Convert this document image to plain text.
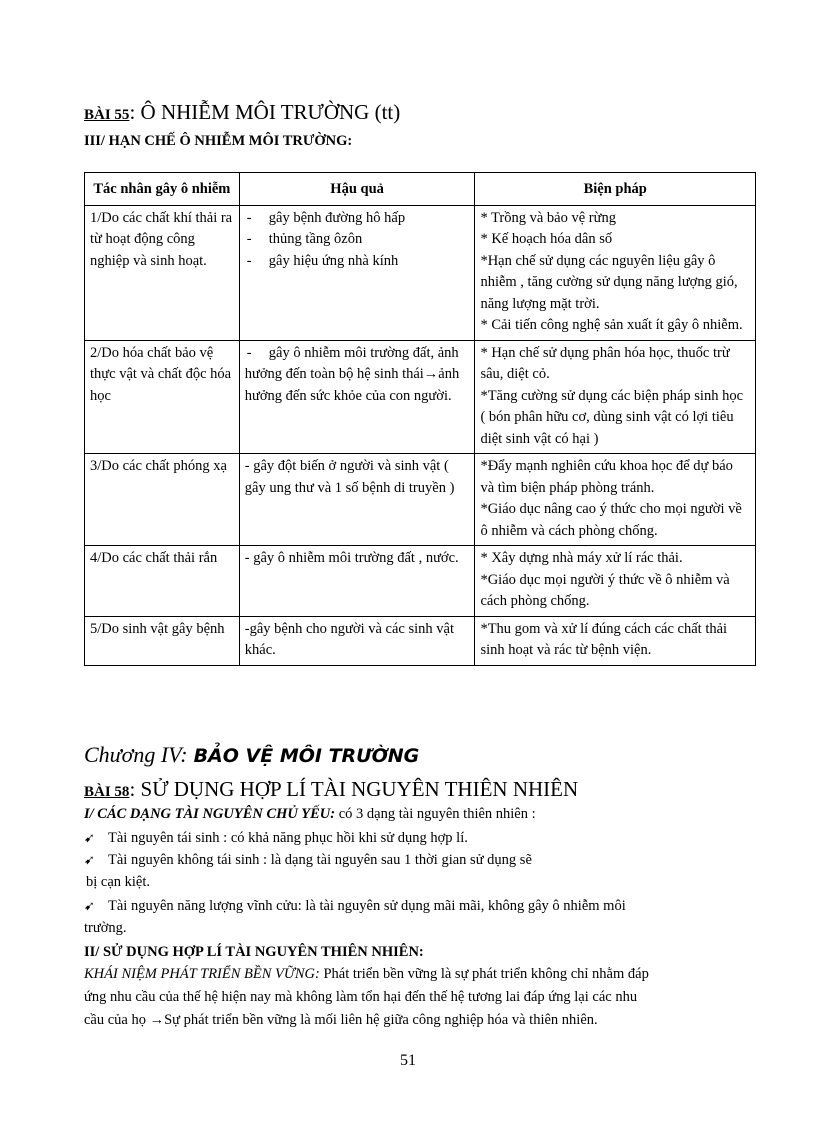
BÀI 55: Ô NHIỄM MÔI TRƯỜNG (tt)
III/ HẠN CHẾ Ô NHIỄM MÔI TRƯỜNG:
Tác nhân gây ô nhiễm	Hậu quả	Biện pháp
1/Do các chất khí thải ra từ hoạt động công nghiệp và sinh hoạt.	- gây bệnh đường hô hấp
- thủng tầng ôzôn
- gây hiệu ứng nhà kính	* Trồng và bảo vệ rừng
* Kế hoạch hóa dân số
*Hạn chế sử dụng các nguyên liệu gây ô nhiễm , tăng cường sử dụng năng lượng gió, năng lượng mặt trời.
* Cải tiến công nghệ sản xuất ít gây ô nhiễm.

2/Do hóa chất bảo vệ thực vật và chất độc hóa học	- gây ô nhiễm môi trường đất, ảnh hưởng đến toàn bộ hệ sinh thái→ảnh hưởng đến sức khỏe của con người.	* Hạn chế sử dụng phân hóa học, thuốc trừ sâu, diệt cỏ.
*Tăng cường sử dụng các biện pháp sinh học ( bón phân hữu cơ, dùng sinh vật có lợi tiêu diệt sinh vật có hại )

3/Do các chất phóng xạ	- gây đột biến ở người và sinh vật ( gây ung thư và 1 số bệnh di truyền )	*Đẩy mạnh nghiên cứu khoa học để dự báo và tìm biện pháp phòng tránh.
*Giáo dục nâng cao ý thức cho mọi người về ô nhiễm và cách phòng chống.

4/Do các chất thải rắn	- gây ô nhiễm môi trường đất , nước.	* Xây dựng nhà máy xử lí rác thải.
*Giáo dục mọi người ý thức về ô nhiễm và cách phòng chống.

5/Do sinh vật gây bệnh	-gây bệnh cho người và các sinh vật khác.	*Thu gom và xử lí đúng cách các chất thải sinh hoạt và rác từ bệnh viện.
Chương IV: BẢO VỆ MÔI TRƯỜNG
BÀI 58: SỬ DỤNG HỢP LÍ TÀI NGUYÊN THIÊN NHIÊN
I/ CÁC DẠNG TÀI NGUYÊN CHỦ YẾU: có 3 dạng tài nguyên thiên nhiên :
➹ Tài nguyên tái sinh : có khả năng phục hồi khi sử dụng hợp lí.
➹ Tài nguyên không tái sinh : là dạng tài nguyên sau 1 thời gian sử dụng sẽ
bị cạn kiệt.
➹ Tài nguyên năng lượng vĩnh cửu: là tài nguyên sử dụng mãi mãi, không gây ô nhiễm môi
trường.
II/ SỬ DỤNG HỢP LÍ TÀI NGUYÊN THIÊN NHIÊN:
KHÁI NIỆM PHÁT TRIỂN BỀN VỮNG: Phát triển bền vững là sự phát triển không chỉ nhằm đáp
ứng nhu cầu của thế hệ hiện nay mà không làm tổn hại đến thế hệ tương lai đáp ứng lại các nhu
cầu của họ →Sự phát triển bền vững là mối liên hệ giữa công nghiệp hóa và thiên nhiên.
51
